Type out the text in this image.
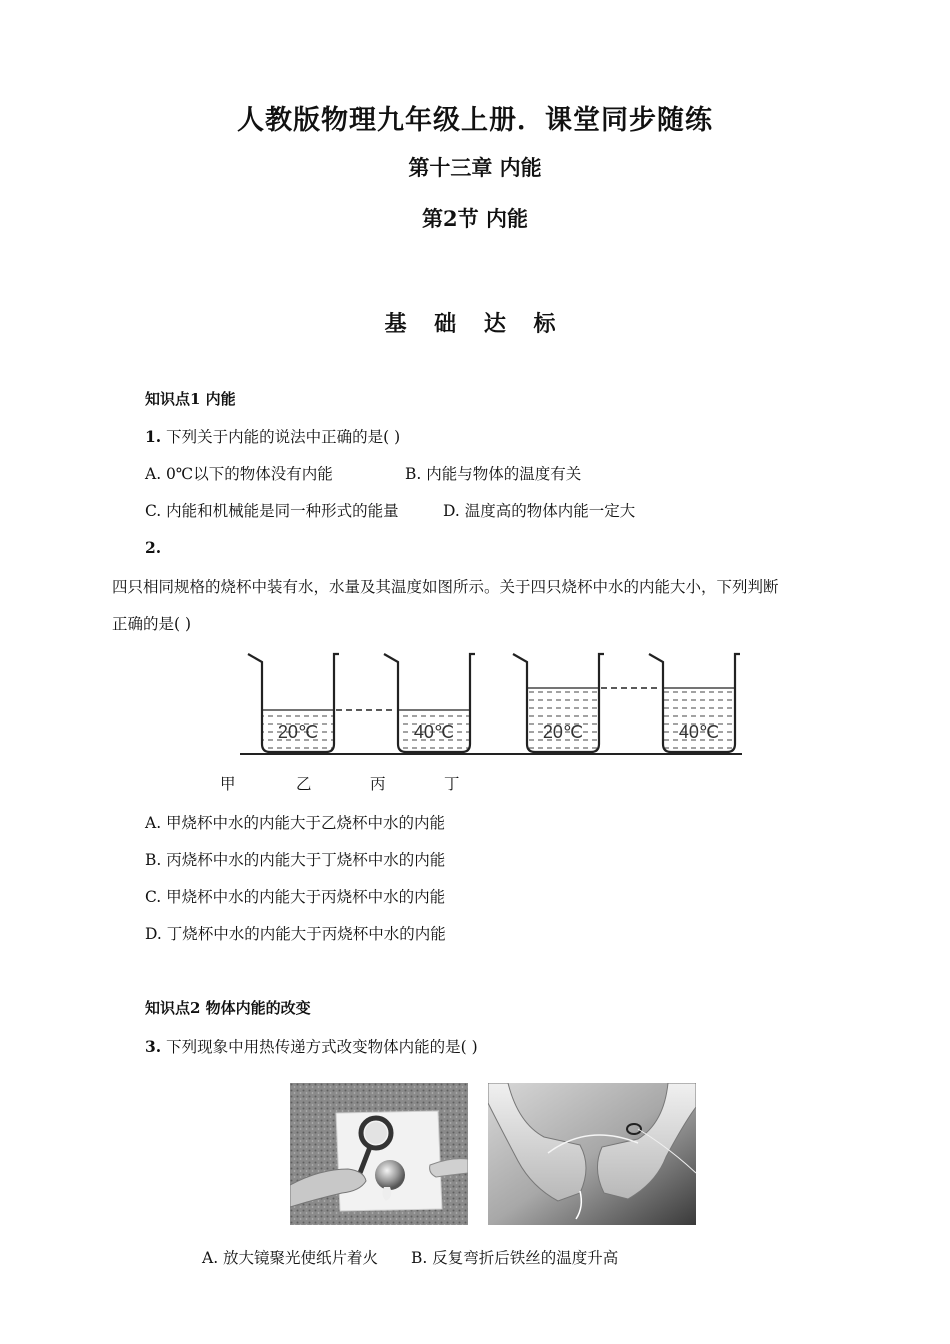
人教版物理九年级上册．课堂同步随练
第十三章 内能
第2节 内能
基 础 达 标
知识点1 内能
1. 下列关于内能的说法中正确的是( )
A. 0℃以下的物体没有内能	B. 内能与物体的温度有关
C. 内能和机械能是同一种形式的能量	D. 温度高的物体内能一定大
2.
四只相同规格的烧杯中装有水，水量及其温度如图所示。关于四只烧杯中水的内能大小，下列判断
正确的是( )
20℃	40℃	20℃	40℃
甲	乙	丙	丁
A. 甲烧杯中水的内能大于乙烧杯中水的内能
B. 丙烧杯中水的内能大于丁烧杯中水的内能
C. 甲烧杯中水的内能大于丙烧杯中水的内能
D. 丁烧杯中水的内能大于丙烧杯中水的内能
知识点2 物体内能的改变
3. 下列现象中用热传递方式改变物体内能的是( )
A. 放大镜聚光使纸片着火 B. 反复弯折后铁丝的温度升高
